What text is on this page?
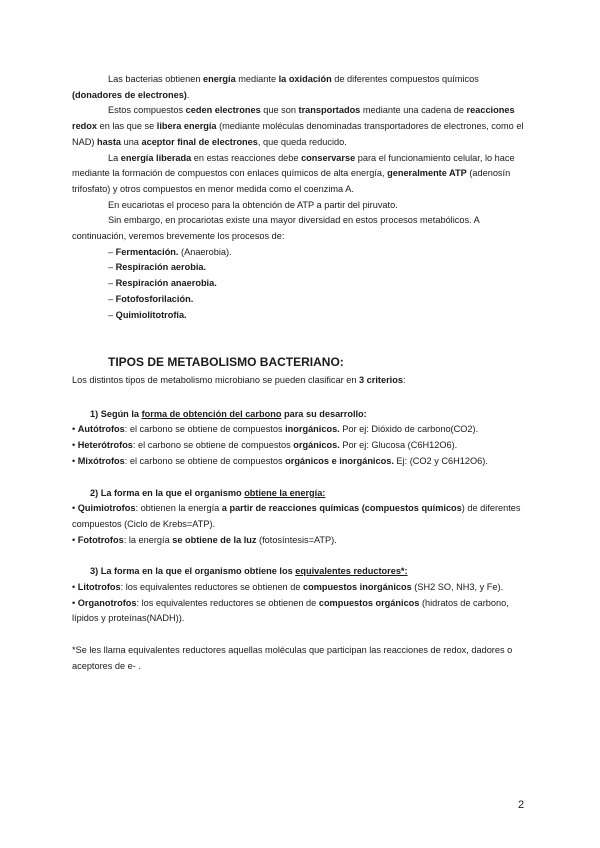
Las bacterias obtienen energía mediante la oxidación de diferentes compuestos químicos (donadores de electrones).

Estos compuestos ceden electrones que son transportados mediante una cadena de reacciones redox en las que se libera energía (mediante moléculas denominadas transportadores de electrones, como el NAD) hasta una aceptor final de electrones, que queda reducido.

La energía liberada en estas reacciones debe conservarse para el funcionamiento celular, lo hace mediante la formación de compuestos con enlaces químicos de alta energía, generalmente ATP (adenosín trifosfato) y otros compuestos en menor medida como el coenzima A.

En eucariotas el proceso para la obtención de ATP a partir del piruvato.

Sin embargo, en procariotas existe una mayor diversidad en estos procesos metabólicos. A continuación, veremos brevemente los procesos de:

– Fermentación. (Anaerobia).

– Respiración aerobia.

– Respiración anaerobia.

– Fotofosforilación.

– Quimiolitotrofía.

TIPOS DE METABOLISMO BACTERIANO:

Los distintos tipos de metabolismo microbiano se pueden clasificar en 3 criterios:

1) Según la forma de obtención del carbono para su desarrollo:

• Autótrofos: el carbono se obtiene de compuestos inorgánicos. Por ej: Dióxido de carbono(CO2).

• Heterótrofos: el carbono se obtiene de compuestos orgánicos. Por ej: Glucosa (C6H12O6).

• Mixótrofos: el carbono se obtiene de compuestos orgánicos e inorgánicos. Ej: (CO2 y C6H12O6).

2) La forma en la que el organismo obtiene la energía:

• Quimiotrofos: obtienen la energía a partir de reacciones químicas (compuestos químicos) de diferentes compuestos (Ciclo de Krebs=ATP).

• Fototrofos: la energía se obtiene de la luz (fotosíntesis=ATP).

3) La forma en la que el organismo obtiene los equivalentes reductores*:

• Litotrofos: los equivalentes reductores se obtienen de compuestos inorgánicos (SH2 SO, NH3, y Fe).

• Organotrofos: los equivalentes reductores se obtienen de compuestos orgánicos (hidratos de carbono, lípidos y proteínas(NADH)).

*Se les llama equivalentes reductores aquellas moléculas que participan las reacciones de redox, dadores o aceptores de e- .

2
